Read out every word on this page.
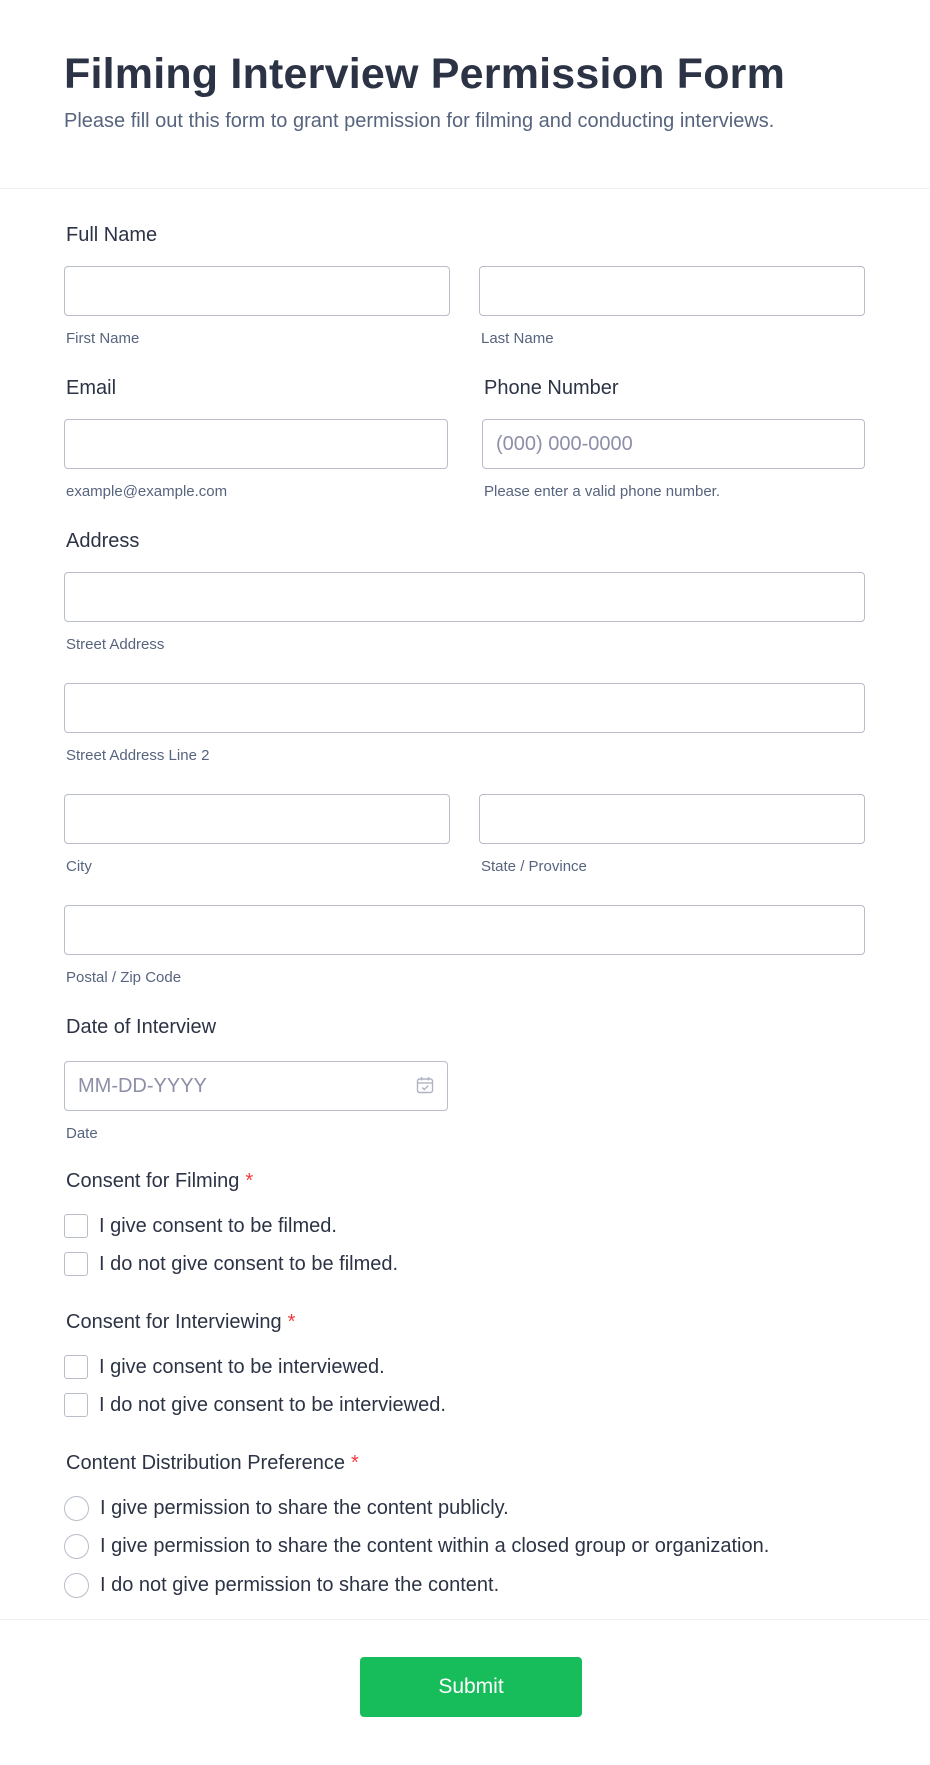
Filming Interview Permission Form

Please fill out this form to grant permission for filming and conducting interviews.

Full Name
First Name	Last Name
Email	Phone Number
(000) 000-0000
example@example.com	Please enter a valid phone number.
Address
Street Address
Street Address Line 2
City	State / Province
Postal / Zip Code
Date of Interview
MM-DD-YYYY
Date
Consent for Filming *
I give consent to be filmed.
I do not give consent to be filmed.
Consent for Interviewing *
I give consent to be interviewed.
I do not give consent to be interviewed.
Content Distribution Preference *
I give permission to share the content publicly.
I give permission to share the content within a closed group or organization.
I do not give permission to share the content.
Submit
